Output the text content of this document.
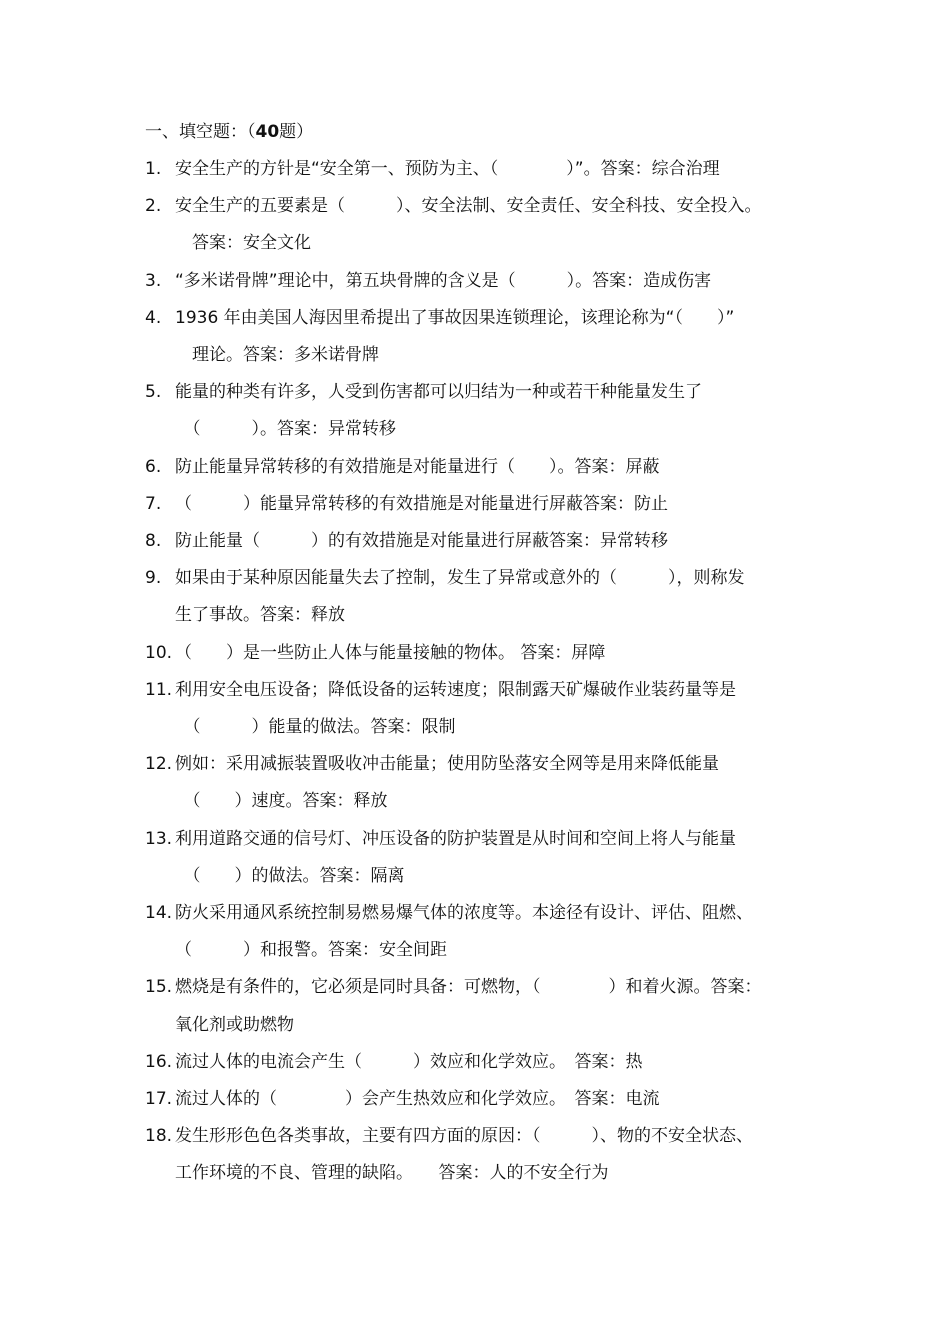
一、填空题：（40题）
1. 安全生产的方针是“安全第一、预防为主、（　　　　）”。答案：综合治理
2. 安全生产的五要素是（　　　）、安全法制、安全责任、安全科技、安全投入。
　答案：安全文化
3. “多米诺骨牌”理论中，第五块骨牌的含义是（　　　）。答案：造成伤害
4. 1936 年由美国人海因里希提出了事故因果连锁理论，该理论称为“（　　）”
　理论。答案：多米诺骨牌
5. 能量的种类有许多，人受到伤害都可以归结为一种或若干种能量发生了
　（　　　）。答案：异常转移
6. 防止能量异常转移的有效措施是对能量进行（　　）。答案：屏蔽
7. （　　　）能量异常转移的有效措施是对能量进行屏蔽答案：防止
8. 防止能量（　　　）的有效措施是对能量进行屏蔽答案：异常转移
9. 如果由于某种原因能量失去了控制，发生了异常或意外的（　　　），则称发
生了事故。答案：释放
10. （　　）是一些防止人体与能量接触的物体。 答案：屏障
11. 利用安全电压设备；降低设备的运转速度；限制露天矿爆破作业装药量等是
　（　　　）能量的做法。答案：限制
12. 例如：采用减振装置吸收冲击能量；使用防坠落安全网等是用来降低能量
　（　　）速度。答案：释放
13. 利用道路交通的信号灯、冲压设备的防护装置是从时间和空间上将人与能量
　（　　）的做法。答案：隔离
14. 防火采用通风系统控制易燃易爆气体的浓度等。本途径有设计、评估、阻燃、
（　　　）和报警。答案：安全间距
15. 燃烧是有条件的，它必须是同时具备：可燃物，（　　　　）和着火源。答案：
氧化剂或助燃物
16. 流过人体的电流会产生（　　　）效应和化学效应。　答案：热
17. 流过人体的（　　　　）会产生热效应和化学效应。　答案：电流
18. 发生形形色色各类事故，主要有四方面的原因：（　　　）、物的不安全状态、
工作环境的不良、管理的缺陷。　　答案：人的不安全行为
